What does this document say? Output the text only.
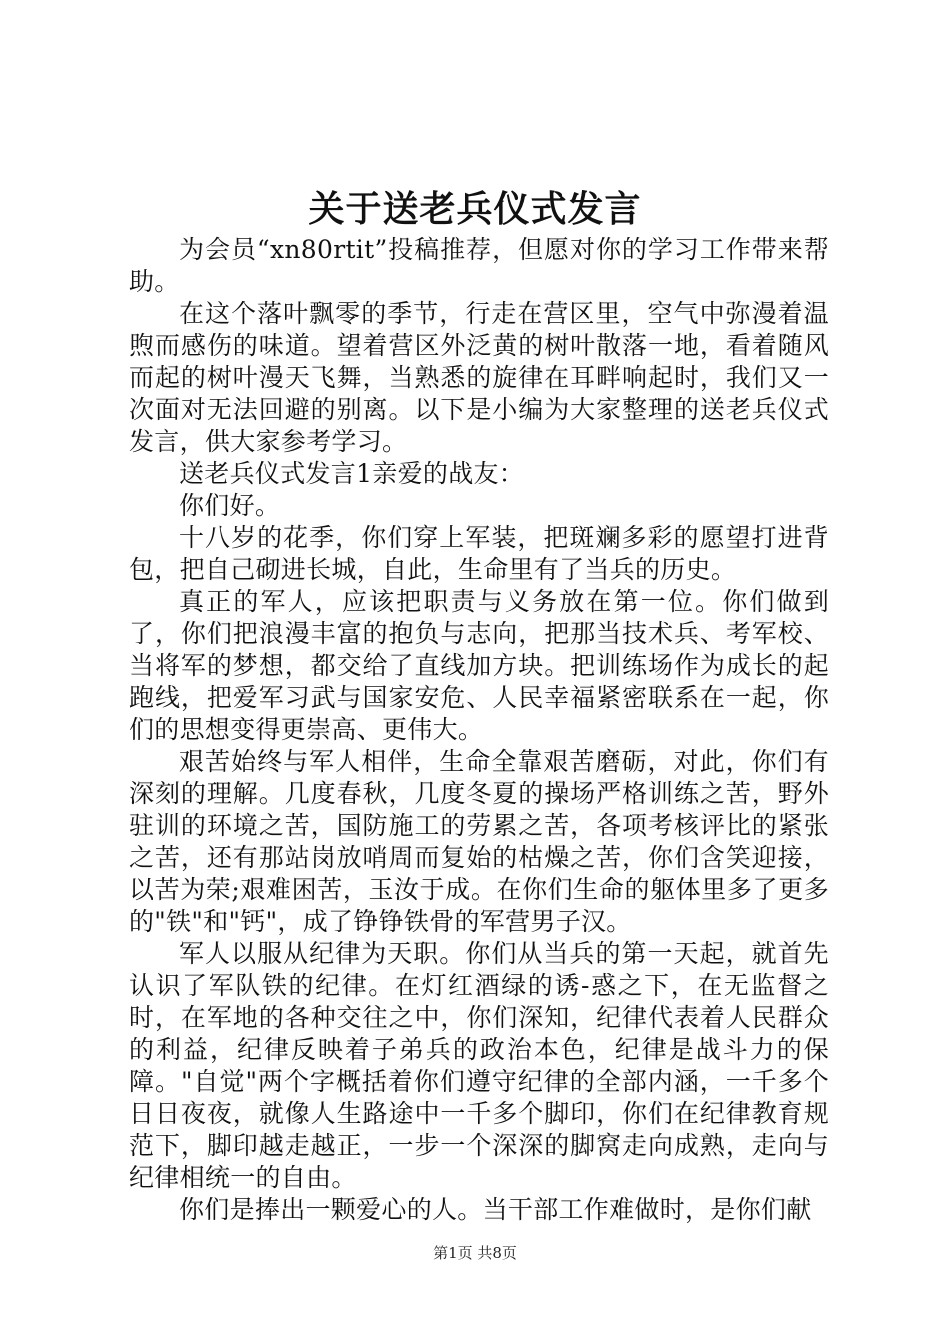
关于送老兵仪式发言

为会员“xn80rtit”投稿推荐，但愿对你的学习工作带来帮助。

在这个落叶飘零的季节，行走在营区里，空气中弥漫着温煦而感伤的味道。望着营区外泛黄的树叶散落一地，看着随风而起的树叶漫天飞舞，当熟悉的旋律在耳畔响起时，我们又一次面对无法回避的别离。以下是小编为大家整理的送老兵仪式发言，供大家参考学习。

送老兵仪式发言1亲爱的战友：

你们好。

十八岁的花季，你们穿上军装，把斑斓多彩的愿望打进背包，把自己砌进长城，自此，生命里有了当兵的历史。

真正的军人，应该把职责与义务放在第一位。你们做到了，你们把浪漫丰富的抱负与志向，把那当技术兵、考军校、当将军的梦想，都交给了直线加方块。把训练场作为成长的起跑线，把爱军习武与国家安危、人民幸福紧密联系在一起，你们的思想变得更崇高、更伟大。

艰苦始终与军人相伴，生命全靠艰苦磨砺，对此，你们有深刻的理解。几度春秋，几度冬夏的操场严格训练之苦，野外驻训的环境之苦，国防施工的劳累之苦，各项考核评比的紧张之苦，还有那站岗放哨周而复始的枯燥之苦，你们含笑迎接，以苦为荣;艰难困苦，玉汝于成。在你们生命的躯体里多了更多的"铁"和"钙"，成了铮铮铁骨的军营男子汉。

军人以服从纪律为天职。你们从当兵的第一天起，就首先认识了军队铁的纪律。在灯红酒绿的诱-惑之下，在无监督之时，在军地的各种交往之中，你们深知，纪律代表着人民群众的利益，纪律反映着子弟兵的政治本色，纪律是战斗力的保障。"自觉"两个字概括着你们遵守纪律的全部内涵，一千多个日日夜夜，就像人生路途中一千多个脚印，你们在纪律教育规范下，脚印越走越正，一步一个深深的脚窝走向成熟，走向与纪律相统一的自由。

你们是捧出一颗爱心的人。当干部工作难做时，是你们献

第1页 共8页
